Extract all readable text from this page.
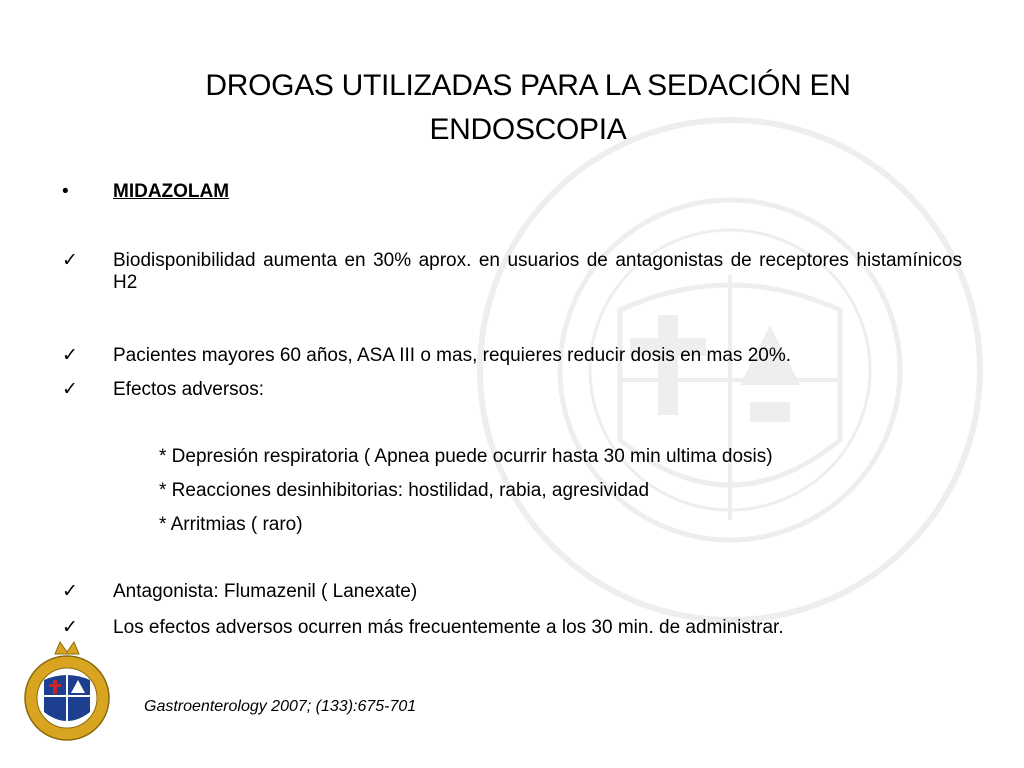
DROGAS UTILIZADAS PARA LA SEDACIÓN EN
ENDOSCOPIA
•	MIDAZOLAM
✓	Biodisponibilidad aumenta en 30% aprox. en usuarios de antagonistas de receptores histamínicos H2
✓	Pacientes mayores 60 años, ASA III o mas, requieres reducir dosis en mas 20%.
✓	Efectos adversos:
* Depresión respiratoria ( Apnea puede ocurrir hasta 30 min ultima dosis)
* Reacciones desinhibitorias: hostilidad, rabia, agresividad
* Arritmias ( raro)
✓	Antagonista: Flumazenil ( Lanexate)
✓	Los efectos adversos ocurren más frecuentemente a los 30 min. de administrar.
Gastroenterology 2007; (133):675-701
